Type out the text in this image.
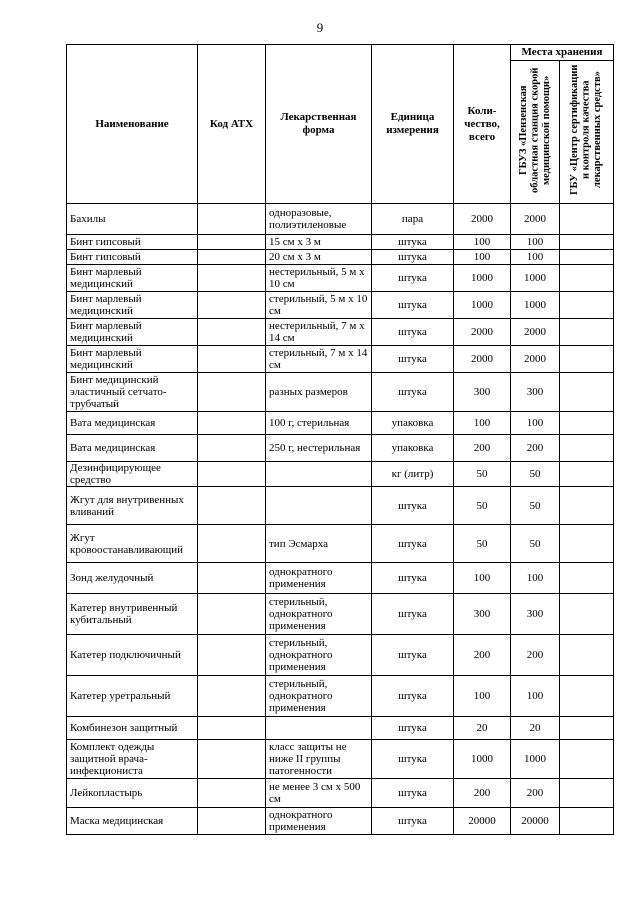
9
Наименование	Код АТХ	Лекарственная форма	Единица измерения	Коли-чество, всего	Места хранения	
					ГБУЗ «Пензенская областная станция скорой медицинской помощи»	ГБУ «Центр сертификации и контроля качества лекарственных средств»
Бахилы		одноразовые, полиэтиленовые	пара	2000	2000	
Бинт гипсовый		15 см х 3 м	штука	100	100	
Бинт гипсовый		20 см х 3 м	штука	100	100	
Бинт марлевый медицинский		нестерильный, 5 м х 10 см	штука	1000	1000	
Бинт марлевый медицинский		стерильный, 5 м х 10 см	штука	1000	1000	
Бинт марлевый медицинский		нестерильный, 7 м х 14 см	штука	2000	2000	
Бинт марлевый медицинский		стерильный, 7 м х 14 см	штука	2000	2000	
Бинт медицинский эластичный сетчато-трубчатый		разных размеров	штука	300	300	
Вата медицинская		100 г, стерильная	упаковка	100	100	
Вата медицинская		250 г, нестерильная	упаковка	200	200	
Дезинфицирующее средство			кг (литр)	50	50	
Жгут для внутривенных вливаний			штука	50	50	
Жгут кровоостанавливающий		тип Эсмарха	штука	50	50	
Зонд желудочный		однократного применения	штука	100	100	
Катетер внутривенный кубитальный		стерильный, однократного применения	штука	300	300	
Катетер подключичный		стерильный, однократного применения	штука	200	200	
Катетер уретральный		стерильный, однократного применения	штука	100	100	
Комбинезон защитный			штука	20	20	
Комплект одежды защитной врача-инфекциониста		класс защиты не ниже II группы патогенности	штука	1000	1000	
Лейкопластырь		не менее 3 см х 500 см	штука	200	200	
Маска медицинская		однократного применения	штука	20000	20000	
